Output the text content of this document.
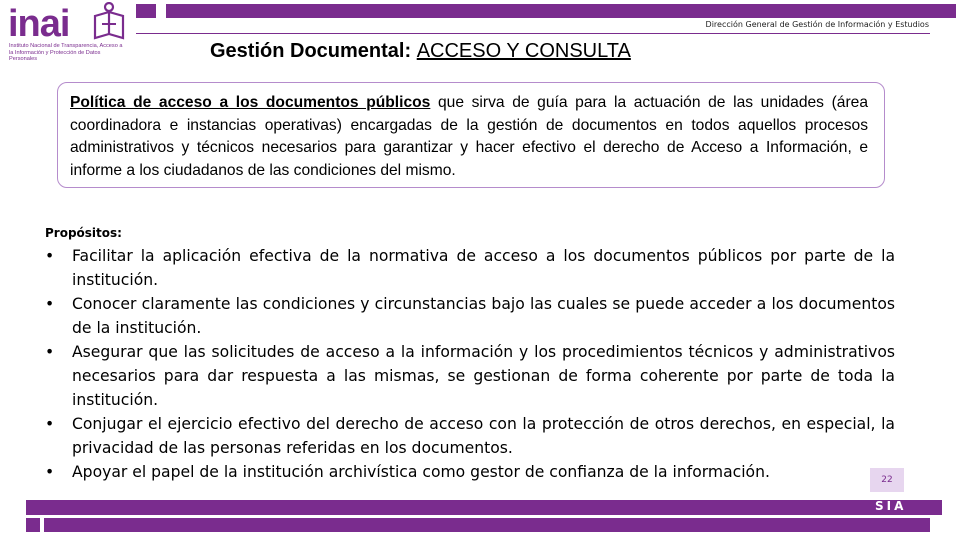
inai
Instituto Nacional de Transparencia, Acceso a la Información y Protección de Datos Personales
Dirección General de Gestión de Información y Estudios
Gestión Documental: ACCESO Y CONSULTA
Política de acceso a los documentos públicos que sirva de guía para la actuación de las unidades (área coordinadora e instancias operativas) encargadas de la gestión de documentos en todos aquellos procesos administrativos y técnicos necesarios para garantizar y hacer efectivo el derecho de Acceso a Información, e informe a los ciudadanos de las condiciones del mismo.
Propósitos:
• Facilitar la aplicación efectiva de la normativa de acceso a los documentos públicos por parte de la institución.
• Conocer claramente las condiciones y circunstancias bajo las cuales se puede acceder a los documentos de la institución.
• Asegurar que las solicitudes de acceso a la información y los procedimientos técnicos y administrativos necesarios para dar respuesta a las mismas, se gestionan de forma coherente por parte de toda la institución.
• Conjugar el ejercicio efectivo del derecho de acceso con la protección de otros derechos, en especial, la privacidad de las personas referidas en los documentos.
• Apoyar el papel de la institución archivística como gestor de confianza de la información.	22
SIA
